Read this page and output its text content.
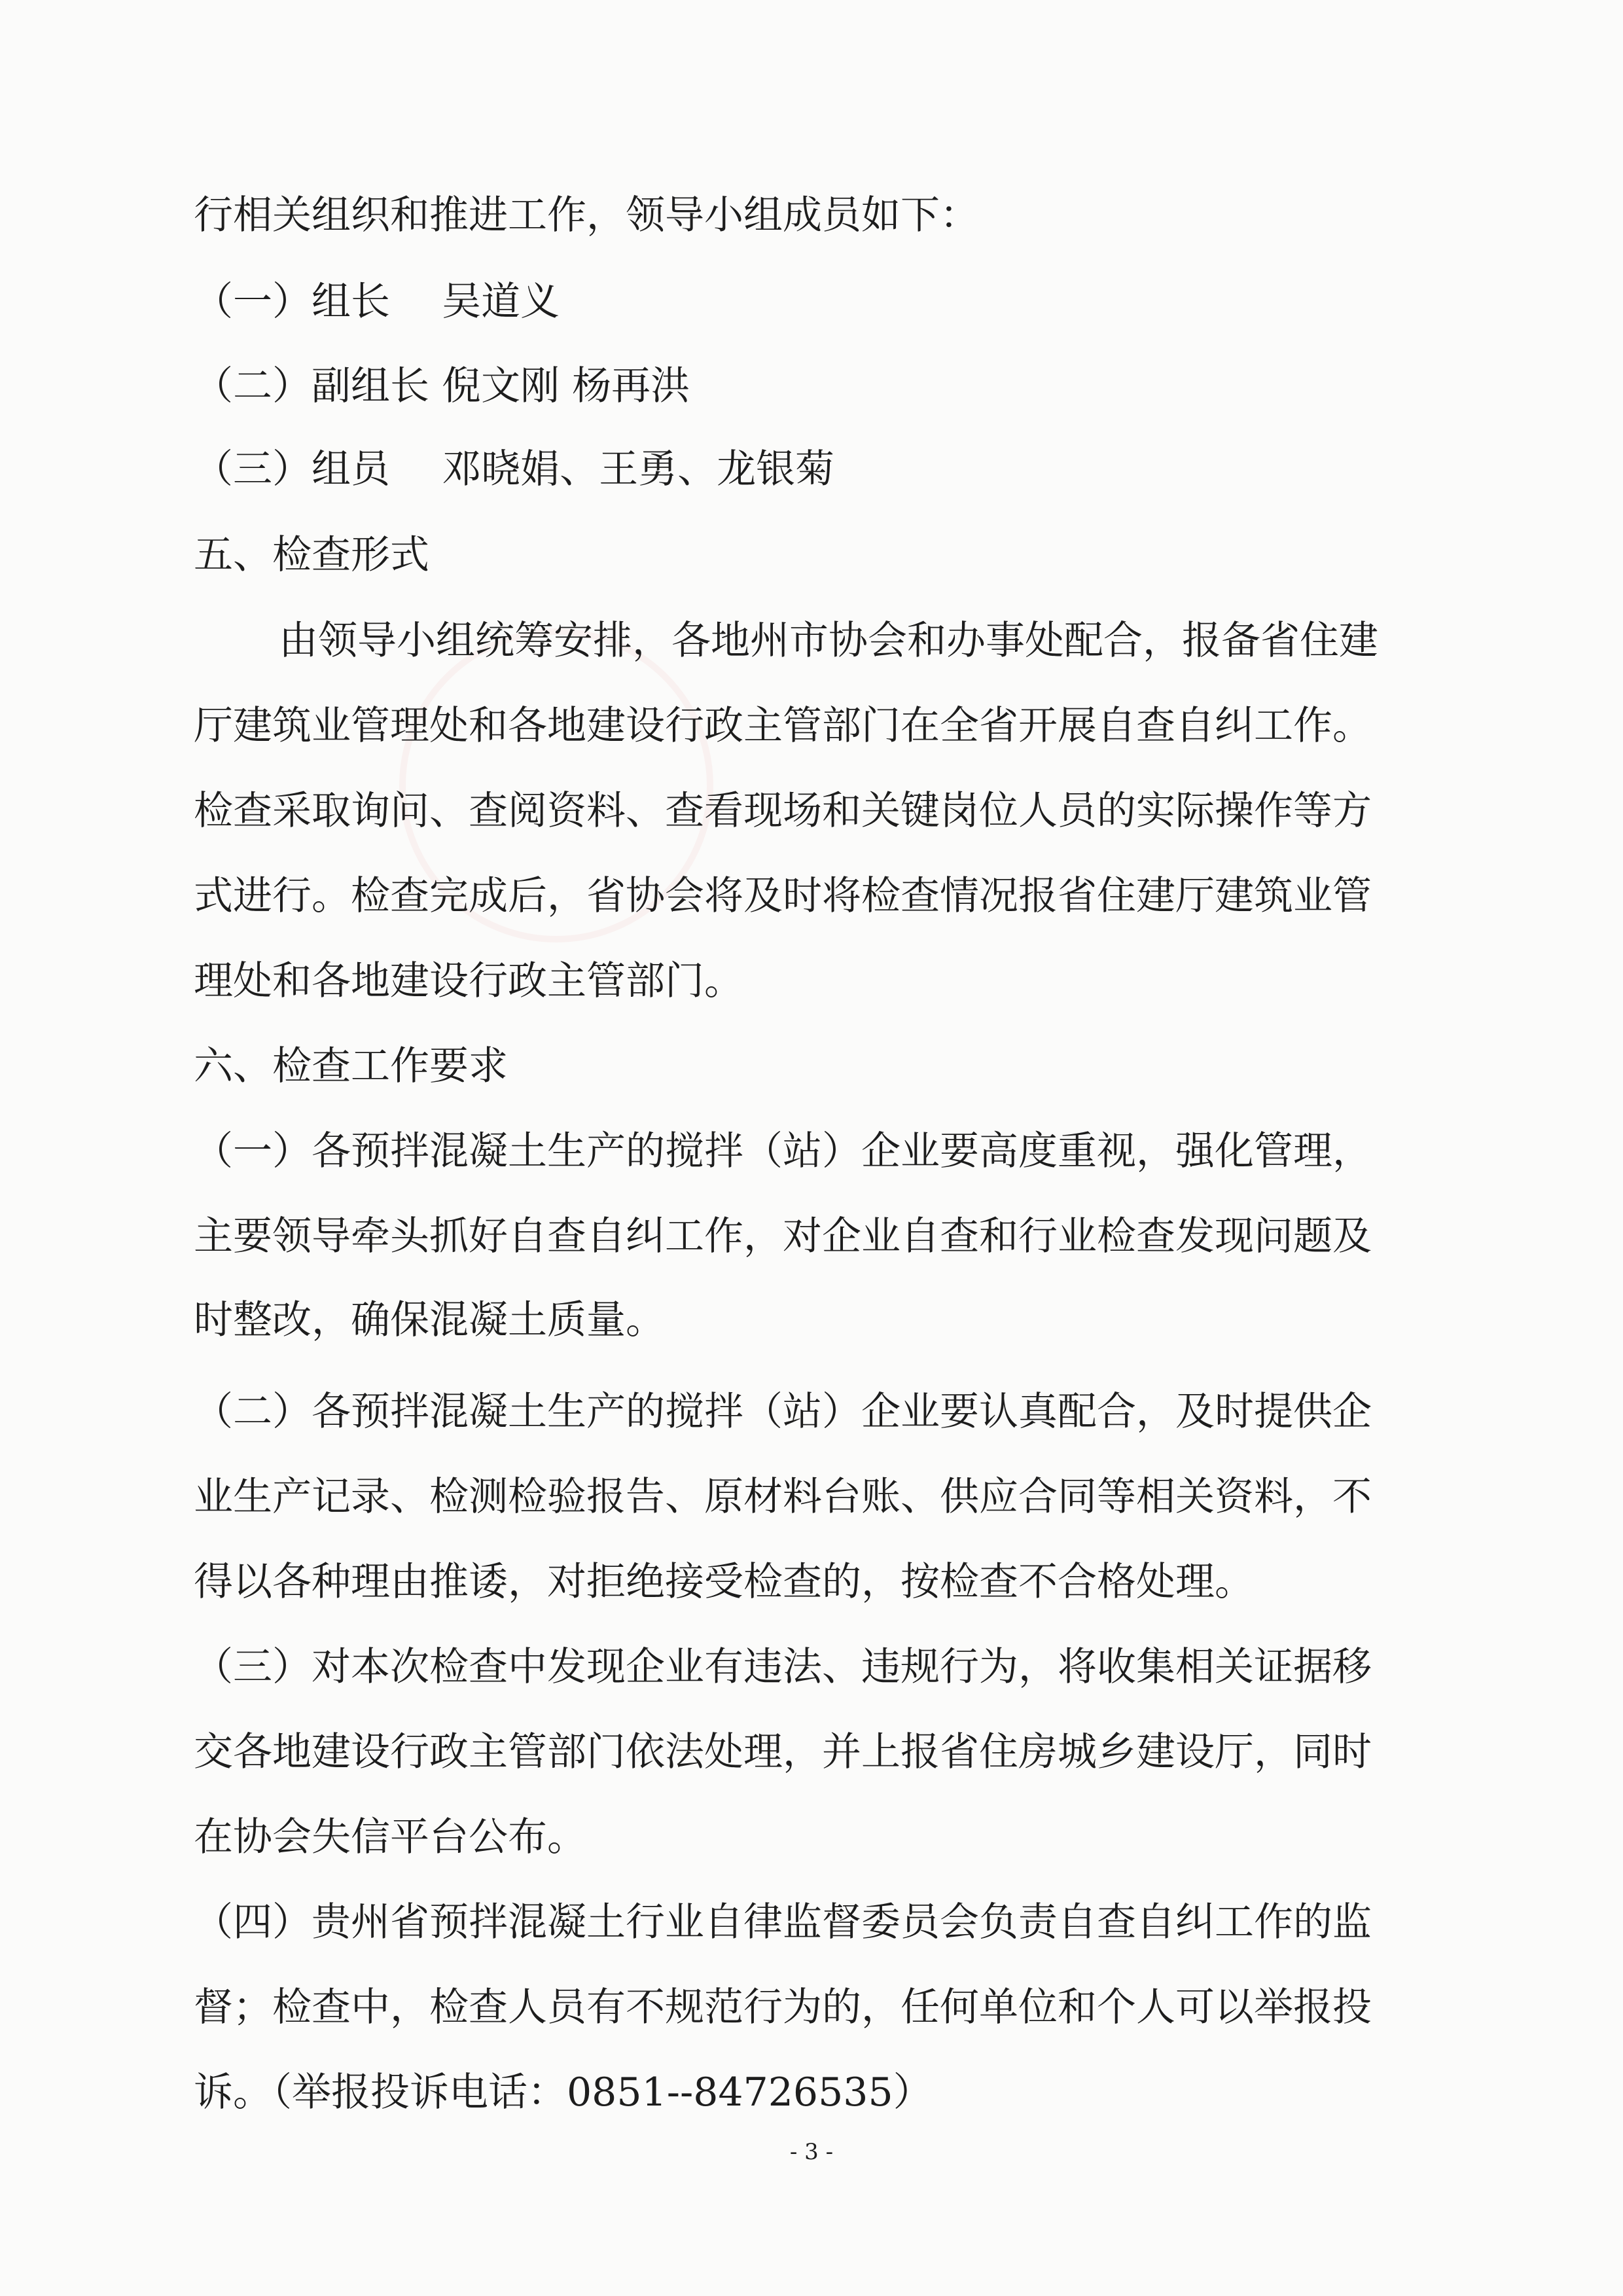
行相关组织和推进工作，领导小组成员如下：
（一）组长　 吴道义
（二）副组长 倪文刚 杨再洪
（三）组员　 邓晓娟、王勇、龙银菊
五、检查形式
　由领导小组统筹安排，各地州市协会和办事处配合，报备省住建
厅建筑业管理处和各地建设行政主管部门在全省开展自查自纠工作。
检查采取询问、查阅资料、查看现场和关键岗位人员的实际操作等方
式进行。检查完成后，省协会将及时将检查情况报省住建厅建筑业管
理处和各地建设行政主管部门。
六、检查工作要求
（一）各预拌混凝土生产的搅拌（站）企业要高度重视，强化管理，
主要领导牵头抓好自查自纠工作，对企业自查和行业检查发现问题及
时整改，确保混凝土质量。
（二）各预拌混凝土生产的搅拌（站）企业要认真配合，及时提供企
业生产记录、检测检验报告、原材料台账、供应合同等相关资料，不
得以各种理由推诿，对拒绝接受检查的，按检查不合格处理。
（三）对本次检查中发现企业有违法、违规行为，将收集相关证据移
交各地建设行政主管部门依法处理，并上报省住房城乡建设厅，同时
在协会失信平台公布。
（四）贵州省预拌混凝土行业自律监督委员会负责自查自纠工作的监
督；检查中，检查人员有不规范行为的，任何单位和个人可以举报投
诉。（举报投诉电话：0851--84726535）
- 3 -
